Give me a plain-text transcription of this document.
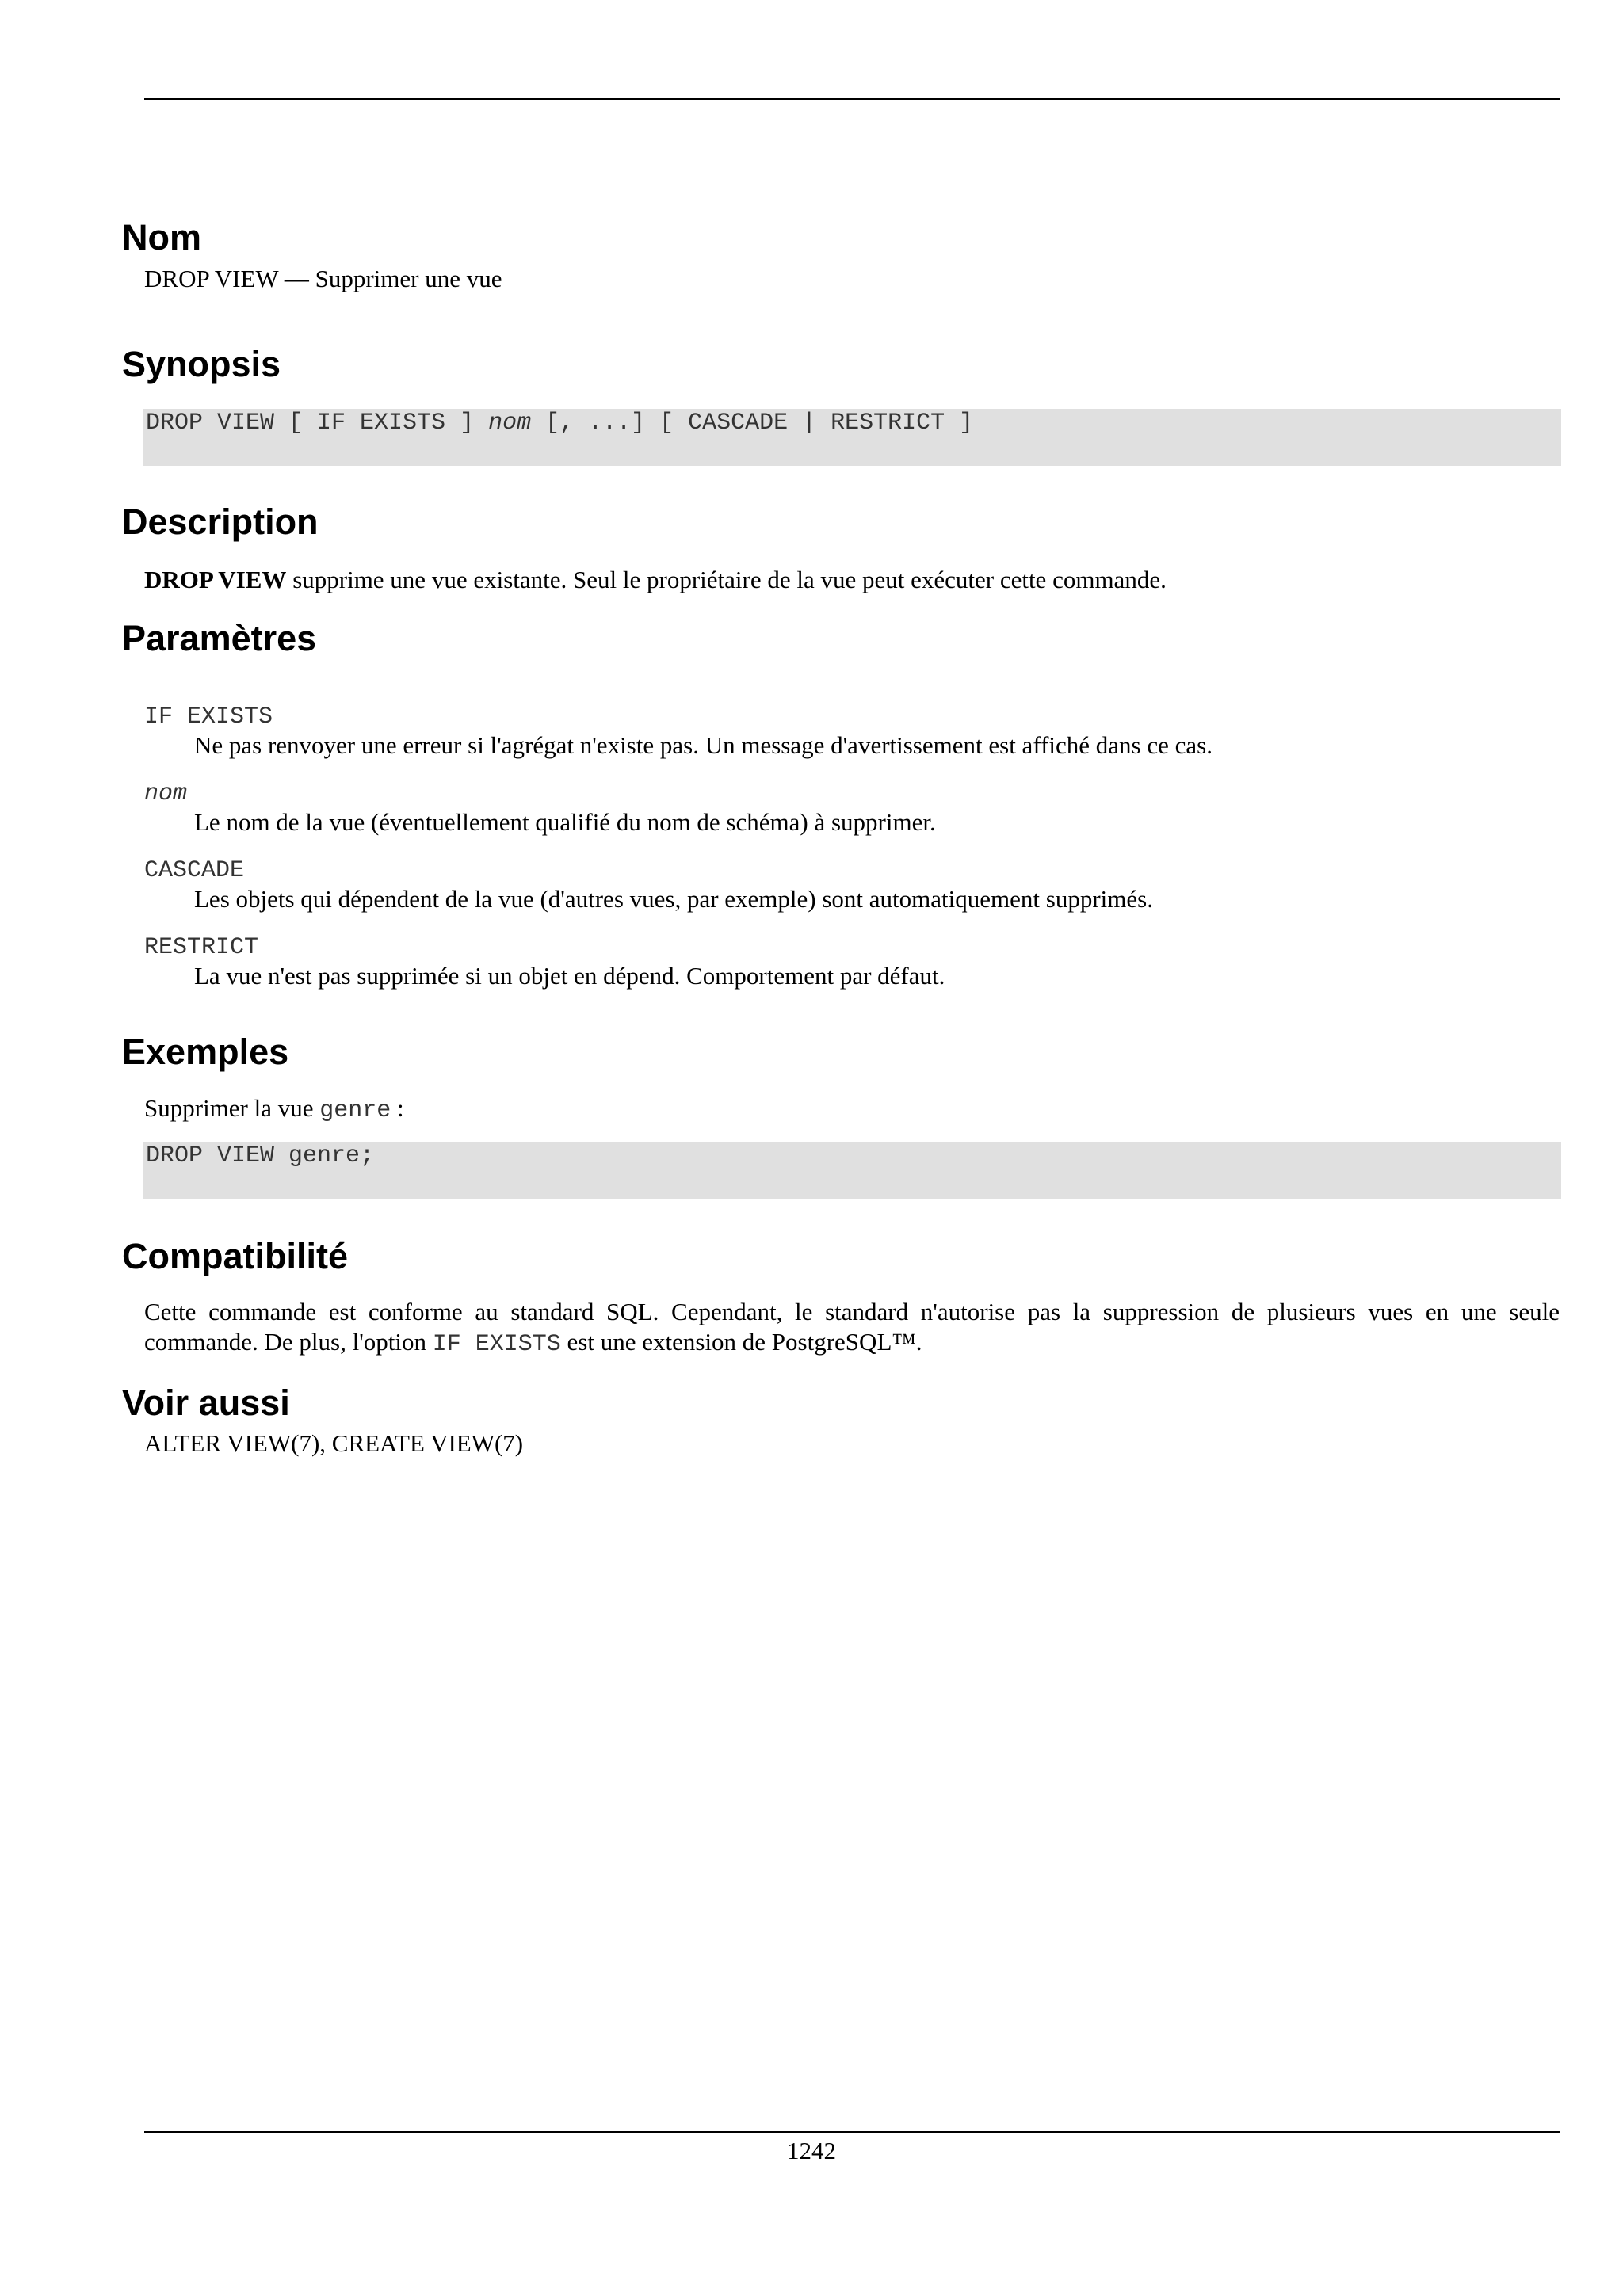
Nom
DROP VIEW — Supprimer une vue
Synopsis
DROP VIEW [ IF EXISTS ] nom [, ...] [ CASCADE | RESTRICT ]
Description
DROP VIEW supprime une vue existante. Seul le propriétaire de la vue peut exécuter cette commande.
Paramètres
IF EXISTS
Ne pas renvoyer une erreur si l'agrégat n'existe pas. Un message d'avertissement est affiché dans ce cas.
nom
Le nom de la vue (éventuellement qualifié du nom de schéma) à supprimer.
CASCADE
Les objets qui dépendent de la vue (d'autres vues, par exemple) sont automatiquement supprimés.
RESTRICT
La vue n'est pas supprimée si un objet en dépend. Comportement par défaut.
Exemples
Supprimer la vue genre :
DROP VIEW genre;
Compatibilité
Cette commande est conforme au standard SQL. Cependant, le standard n'autorise pas la suppression de plusieurs vues en une seule commande. De plus, l'option IF EXISTS est une extension de PostgreSQL™.
Voir aussi
ALTER VIEW(7), CREATE VIEW(7)
1242
